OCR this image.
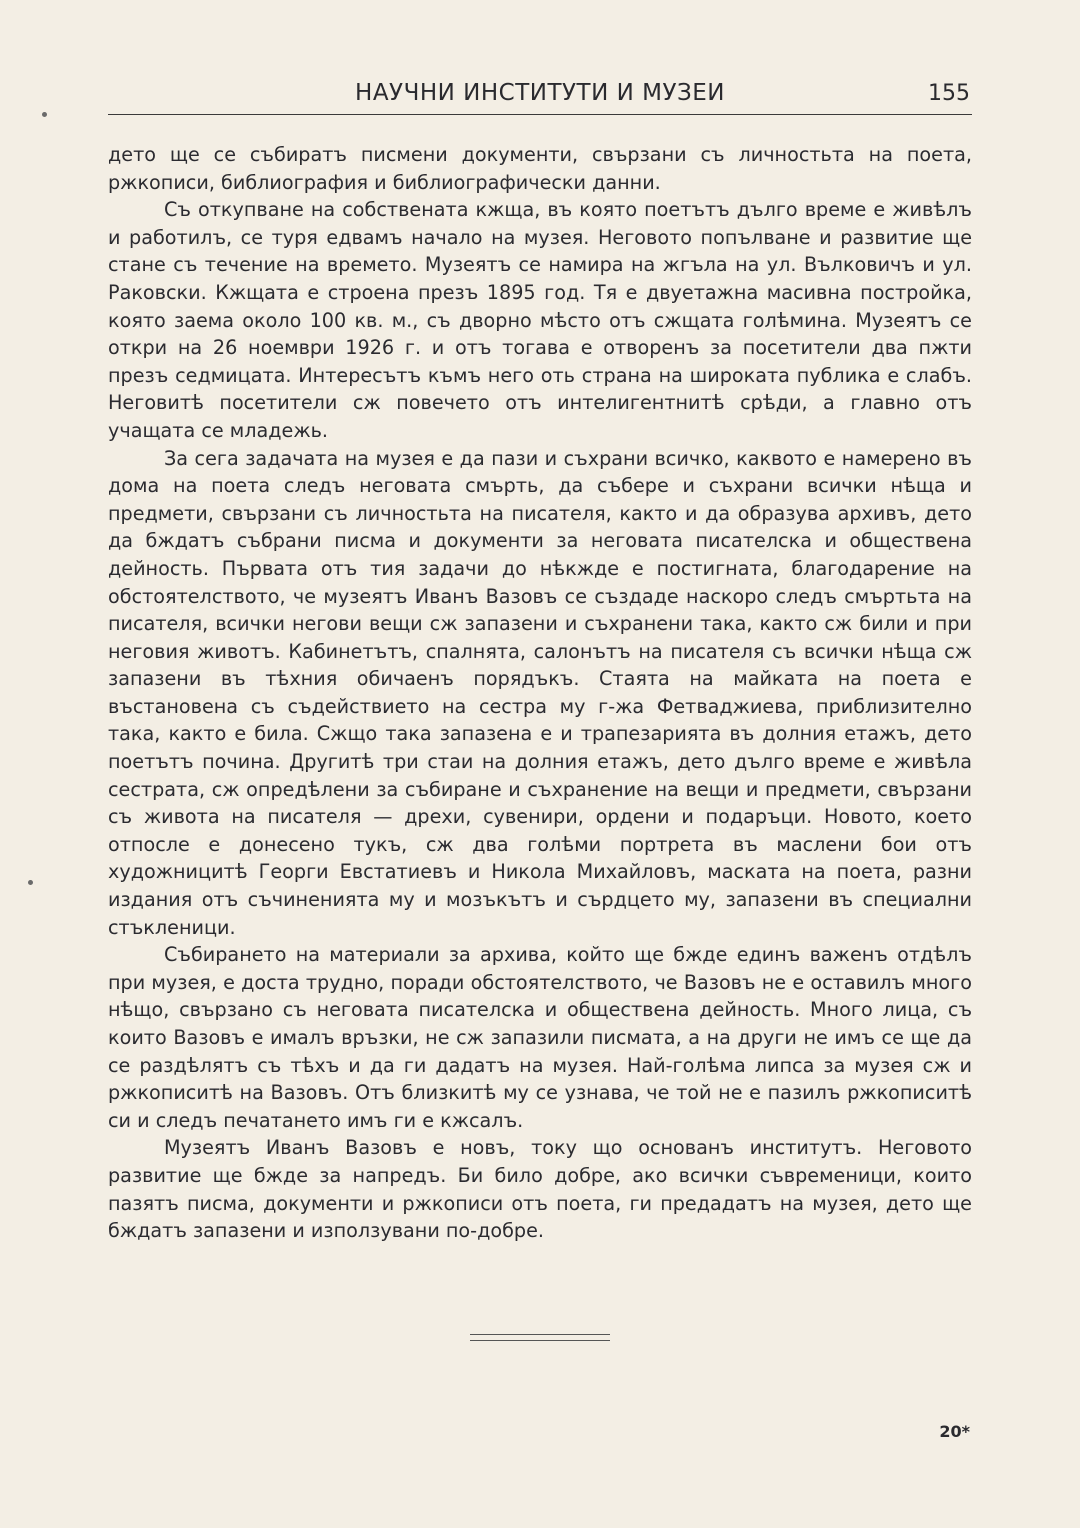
НАУЧНИ ИНСТИТУТИ И МУЗЕИ	155

дето ще се събиратъ писмени документи, свързани съ личностьта на поета, ржкописи, библиография и библиографически данни.

Съ откупване на собствената кжща, въ която поетътъ дълго време е живѣлъ и работилъ, се туря едвамъ начало на музея. Неговото попълване и развитие ще стане съ течение на времето. Музеятъ се намира на жгъла на ул. Вълковичъ и ул. Раковски. Кжщата е строена презъ 1895 год. Тя е двуетажна масивна постройка, която заема около 100 кв. м., съ дворно мѣсто отъ сжщата голѣмина. Музеятъ се откри на 26 ноември 1926 г. и отъ тогава е отворенъ за посетители два пжти презъ седмицата. Интересътъ къмъ него оть страна на широката публика е слабъ. Неговитѣ посетители сж повечето отъ интелигентнитѣ срѣди, а главно отъ учащата се младежь.

За сега задачата на музея е да пази и съхрани всичко, каквото е намерено въ дома на поета следъ неговата смърть, да събере и съхрани всички нѣща и предмети, свързани съ личностьта на писателя, както и да образува архивъ, дето да бждатъ събрани писма и документи за неговата писателска и обществена дейность. Първата отъ тия задачи до нѣкжде е постигната, благодарение на обстоятелството, че музеятъ Иванъ Вазовъ се създаде наскоро следъ смъртьта на писателя, всички негови вещи сж запазени и съхранени така, както сж били и при неговия животъ. Кабинетътъ, спалнята, салонътъ на писателя съ всички нѣща сж запазени въ тѣхния обичаенъ порядъкъ. Стаята на майката на поета е въстановена съ съдействието на сестра му г-жа Фетваджиева, приблизително така, както е била. Сжщо така запазена е и трапезарията въ долния етажъ, дето поетътъ почина. Другитѣ три стаи на долния етажъ, дето дълго време е живѣла сестрата, сж опредѣлени за събиране и съхранение на вещи и предмети, свързани съ живота на писателя — дрехи, сувенири, ордени и подаръци. Новото, което отпосле е донесено тукъ, сж два голѣми портрета въ маслени бои отъ художницитѣ Георги Евстатиевъ и Никола Михайловъ, маската на поета, разни издания отъ съчиненията му и мозъкътъ и сърдцето му, запазени въ специални стъкленици.

Събирането на материали за архива, който ще бжде единъ важенъ отдѣлъ при музея, е доста трудно, поради обстоятелството, че Вазовъ не е оставилъ много нѣщо, свързано съ неговата писателска и обществена дейность. Много лица, съ които Вазовъ е ималъ връзки, не сж запазили писмата, а на други не имъ се ще да се раздѣлятъ съ тѣхъ и да ги дадатъ на музея. Най-голѣма липса за музея сж и ржкописитѣ на Вазовъ. Отъ близкитѣ му се узнава, че той не е пазилъ ржкописитѣ си и следъ печатането имъ ги е кжсалъ.

Музеятъ Иванъ Вазовъ е новъ, току що основанъ институтъ. Неговото развитие ще бжде за напредъ. Би било добре, ако всички съвременици, които пазятъ писма, документи и ржкописи отъ поета, ги предадатъ на музея, дето ще бждатъ запазени и използувани по-добре.

20*
